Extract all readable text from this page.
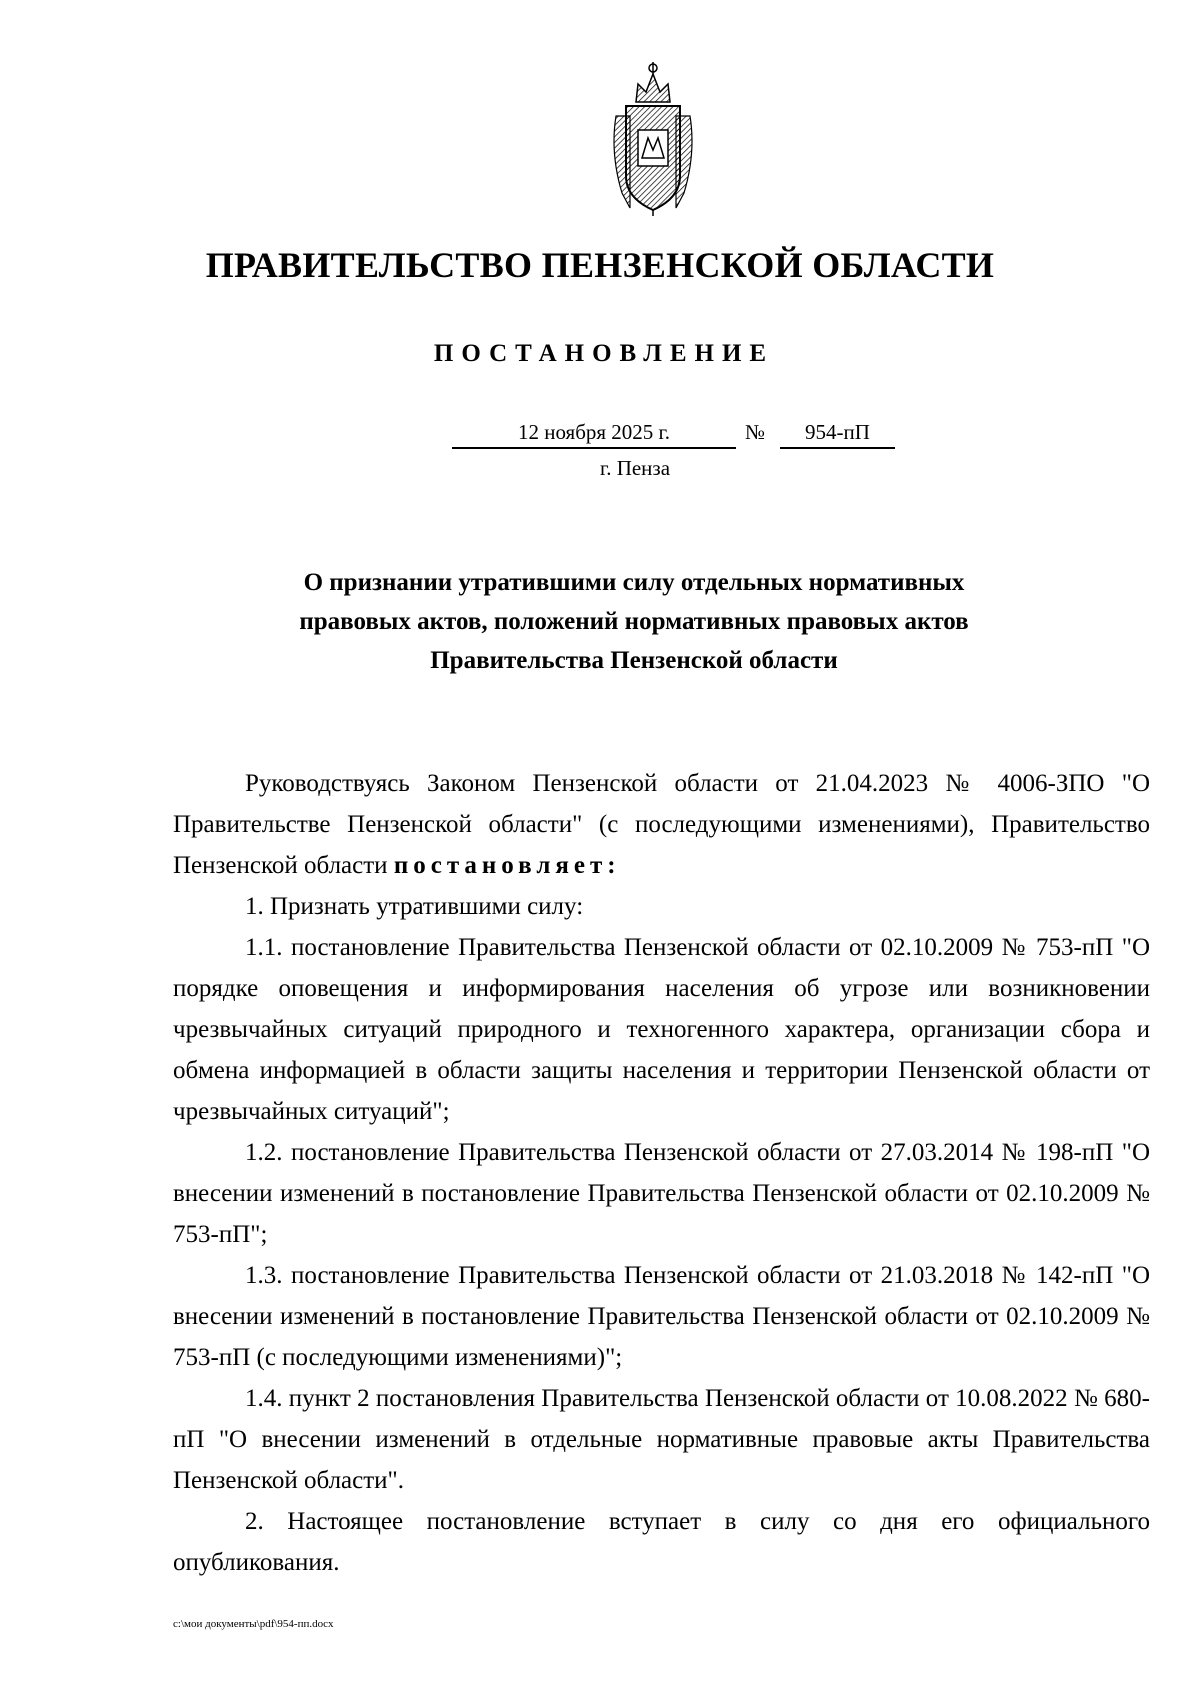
ПРАВИТЕЛЬСТВО ПЕНЗЕНСКОЙ ОБЛАСТИ
ПОСТАНОВЛЕНИЕ
12 ноября 2025 г.	№	954-пП
г. Пенза
О признании утратившими силу отдельных нормативных
правовых актов, положений нормативных правовых актов
Правительства Пензенской области

Руководствуясь Законом Пензенской области от 21.04.2023 № 4006-ЗПО "О Правительстве Пензенской области" (с последующими изменениями), Правительство Пензенской области постановляет:

1. Признать утратившими силу:

1.1. постановление Правительства Пензенской области от 02.10.2009 № 753-пП "О порядке оповещения и информирования населения об угрозе или возникновении чрезвычайных ситуаций природного и техногенного характера, организации сбора и обмена информацией в области защиты населения и территории Пензенской области от чрезвычайных ситуаций";

1.2. постановление Правительства Пензенской области от 27.03.2014 № 198-пП "О внесении изменений в постановление Правительства Пензенской области от 02.10.2009 № 753-пП";

1.3. постановление Правительства Пензенской области от 21.03.2018 № 142-пП "О внесении изменений в постановление Правительства Пензенской области от 02.10.2009 № 753-пП (с последующими изменениями)";

1.4. пункт 2 постановления Правительства Пензенской области от 10.08.2022 № 680-пП "О внесении изменений в отдельные нормативные правовые акты Правительства Пензенской области".

2. Настоящее постановление вступает в силу со дня его официального опубликования.

c:\мои документы\pdf\954-пп.docx
